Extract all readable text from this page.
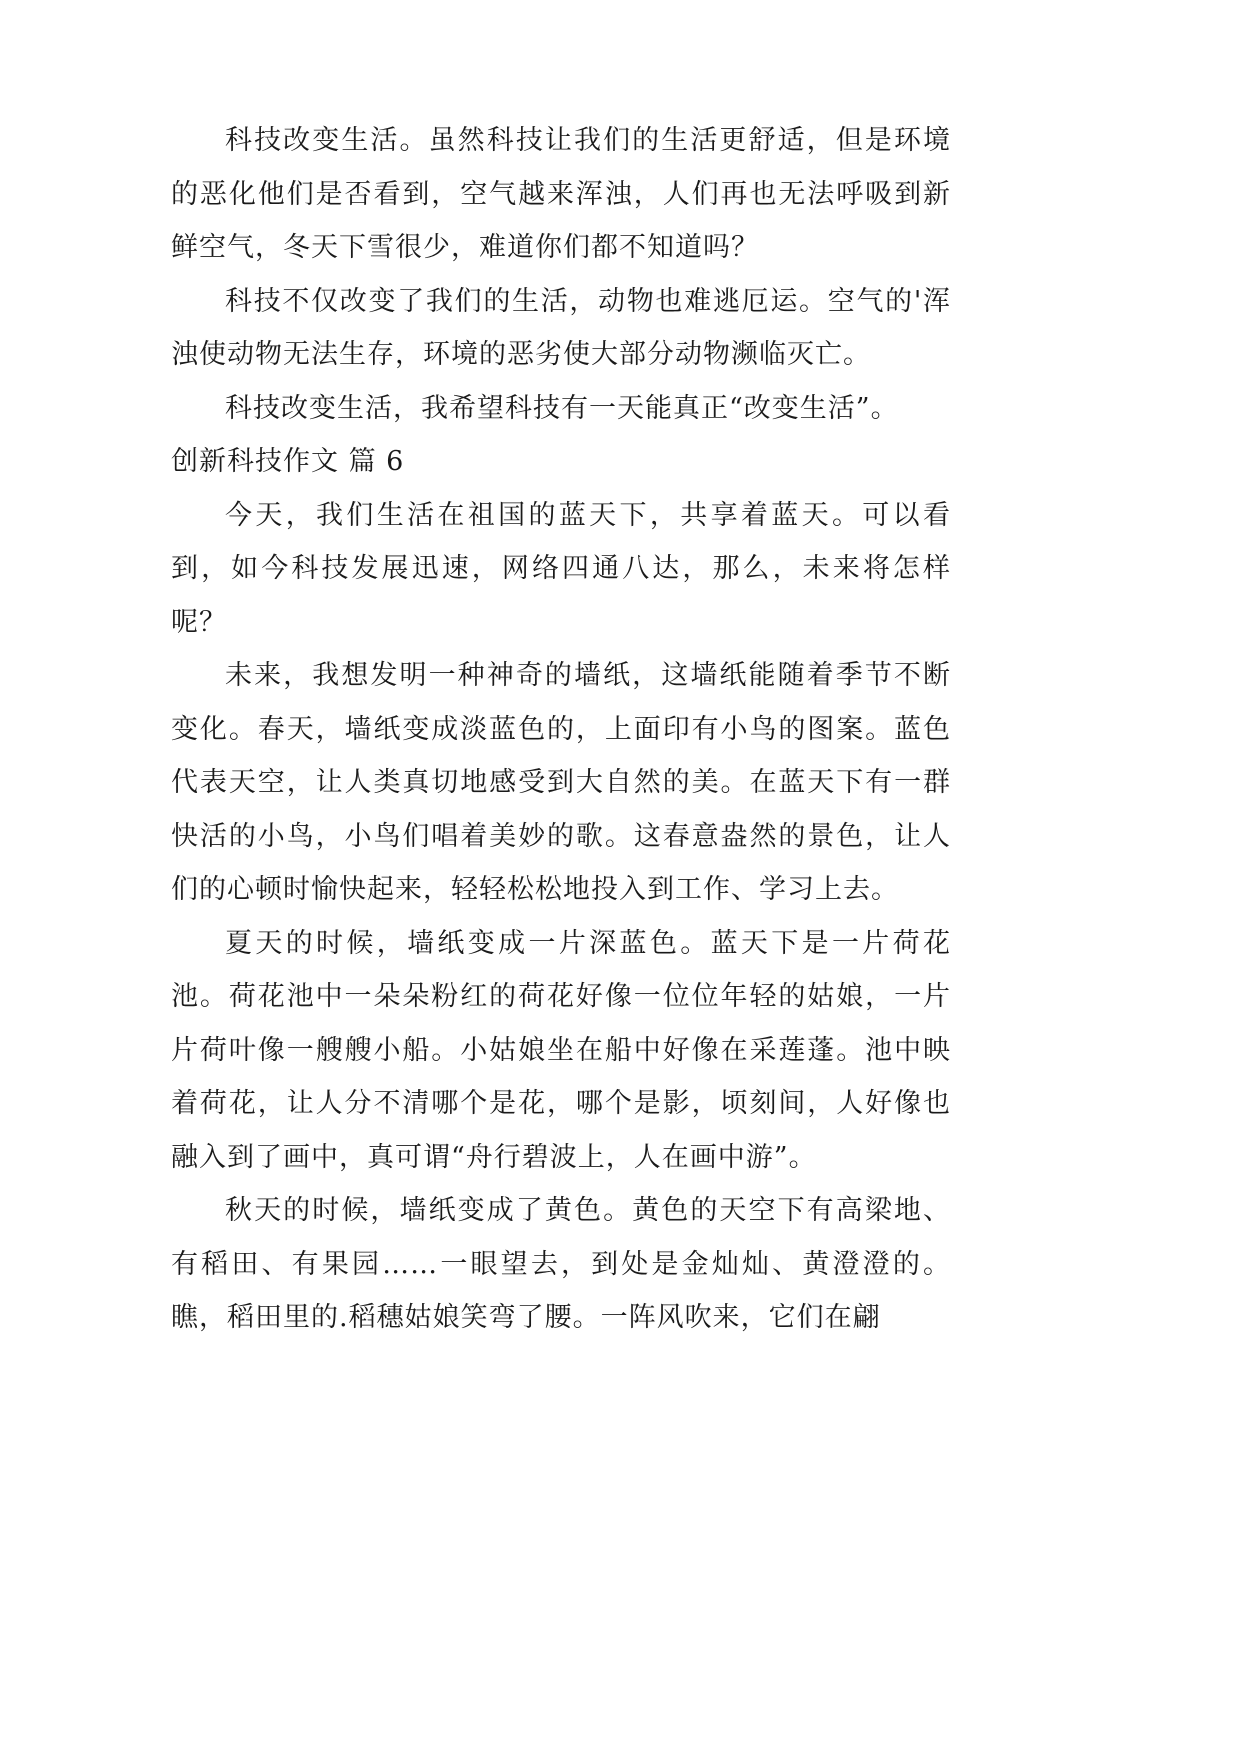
科技改变生活。虽然科技让我们的生活更舒适，但是环境的恶化他们是否看到，空气越来浑浊，人们再也无法呼吸到新鲜空气，冬天下雪很少，难道你们都不知道吗？

科技不仅改变了我们的生活，动物也难逃厄运。空气的'浑浊使动物无法生存，环境的恶劣使大部分动物濒临灭亡。

科技改变生活，我希望科技有一天能真正“改变生活”。

创新科技作文 篇 6

今天，我们生活在祖国的蓝天下，共享着蓝天。可以看到，如今科技发展迅速，网络四通八达，那么，未来将怎样呢？

未来，我想发明一种神奇的墙纸，这墙纸能随着季节不断变化。春天，墙纸变成淡蓝色的，上面印有小鸟的图案。蓝色代表天空，让人类真切地感受到大自然的美。在蓝天下有一群快活的小鸟，小鸟们唱着美妙的歌。这春意盎然的景色，让人们的心顿时愉快起来，轻轻松松地投入到工作、学习上去。

夏天的时候，墙纸变成一片深蓝色。蓝天下是一片荷花池。荷花池中一朵朵粉红的荷花好像一位位年轻的姑娘，一片片荷叶像一艘艘小船。小姑娘坐在船中好像在采莲蓬。池中映着荷花，让人分不清哪个是花，哪个是影，顷刻间，人好像也融入到了画中，真可谓“舟行碧波上，人在画中游”。

秋天的时候，墙纸变成了黄色。黄色的天空下有高梁地、有稻田、有果园……一眼望去，到处是金灿灿、黄澄澄的。瞧，稻田里的.稻穗姑娘笑弯了腰。一阵风吹来，它们在翩
